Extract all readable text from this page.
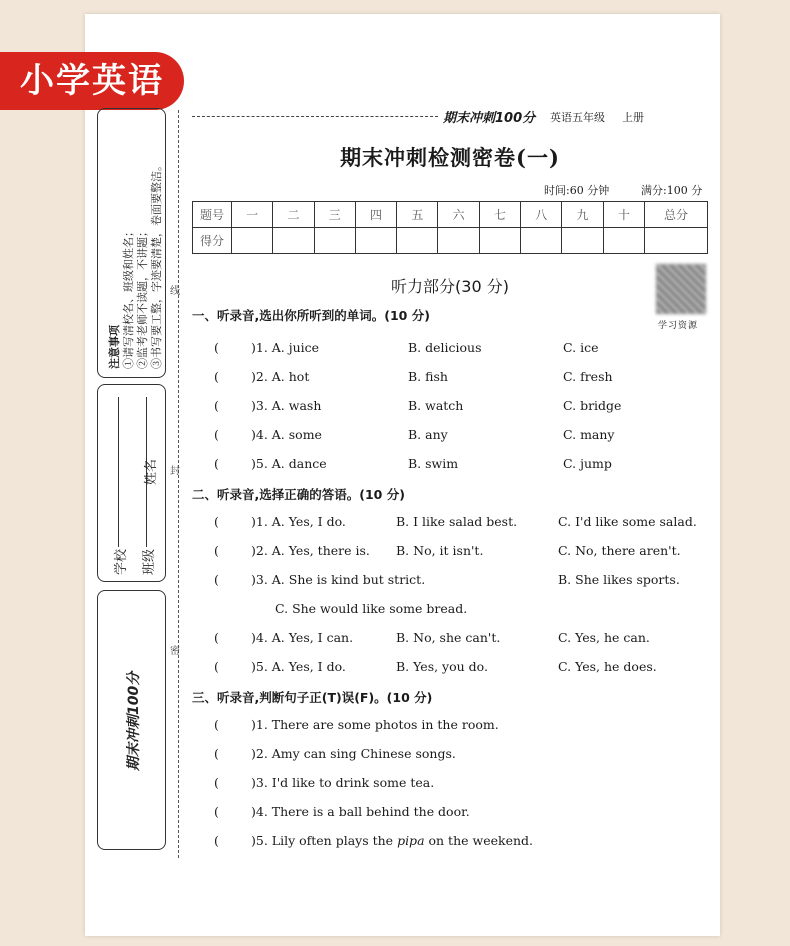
小学英语
注意事项 ①请写清校名、班级和姓名； ②监考老师不读题，不讲题； ③书写要工整，字迹要清楚，卷面要整洁。
学校	班级
姓名
期末冲刺100分
线
封
密
期末冲刺100分 英语五年级 上册
期末冲刺检测密卷(一)
时间:60 分钟	满分:100 分
题号	一	二	三	四	五	六	七	八	九	十	总分
得分											
听力部分(30 分)
学习资源
一、听录音,选出你所听到的单词。(10 分)
(	)1. A. juice	B. delicious	C. ice
(	)2. A. hot	B. fish	C. fresh
(	)3. A. wash	B. watch	C. bridge
(	)4. A. some	B. any	C. many
(	)5. A. dance	B. swim	C. jump
二、听录音,选择正确的答语。(10 分)
(	)1. A. Yes, I do.	B. I like salad best.	C. I'd like some salad.
(	)2. A. Yes, there is. B. No, it isn't.	C. No, there aren't.
(	)3. A. She is kind but strict.	B. She likes sports.
C. She would like some bread.
(	)4. A. Yes, I can.	B. No, she can't.	C. Yes, he can.
(	)5. A. Yes, I do.	B. Yes, you do.	C. Yes, he does.
三、听录音,判断句子正(T)误(F)。(10 分)
(	)1. There are some photos in the room.
(	)2. Amy can sing Chinese songs.
(	)3. I'd like to drink some tea.
(	)4. There is a ball behind the door.
(	)5. Lily often plays the pipa on the weekend.
